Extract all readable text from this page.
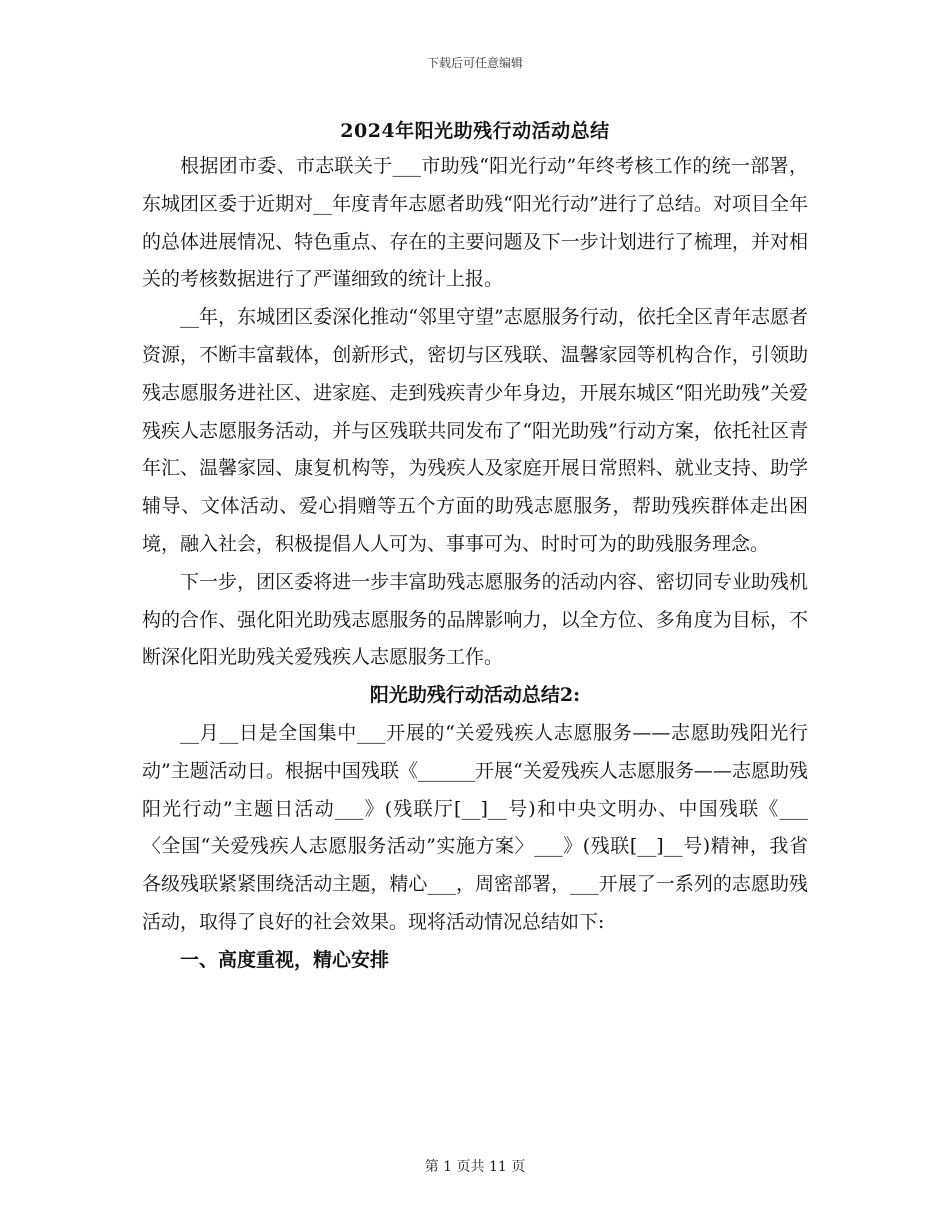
下载后可任意编辑
2024年阳光助残行动活动总结

根据团市委、市志联关于___市助残“阳光行动”年终考核工作的统一部署，东城团区委于近期对__年度青年志愿者助残“阳光行动”进行了总结。对项目全年的总体进展情况、特色重点、存在的主要问题及下一步计划进行了梳理，并对相关的考核数据进行了严谨细致的统计上报。

__年，东城团区委深化推动“邻里守望”志愿服务行动，依托全区青年志愿者资源，不断丰富载体，创新形式，密切与区残联、温馨家园等机构合作，引领助残志愿服务进社区、进家庭、走到残疾青少年身边，开展东城区“阳光助残”关爱残疾人志愿服务活动，并与区残联共同发布了“阳光助残”行动方案，依托社区青年汇、温馨家园、康复机构等，为残疾人及家庭开展日常照料、就业支持、助学辅导、文体活动、爱心捐赠等五个方面的助残志愿服务，帮助残疾群体走出困境，融入社会，积极提倡人人可为、事事可为、时时可为的助残服务理念。

下一步，团区委将进一步丰富助残志愿服务的活动内容、密切同专业助残机构的合作、强化阳光助残志愿服务的品牌影响力，以全方位、多角度为目标，不断深化阳光助残关爱残疾人志愿服务工作。

阳光助残行动活动总结2:

__月__日是全国集中___开展的“关爱残疾人志愿服务——志愿助残阳光行动”主题活动日。根据中国残联《______开展“关爱残疾人志愿服务——志愿助残阳光行动”主题日活动___》(残联厅[__]__号)和中央文明办、中国残联《___〈全国“关爱残疾人志愿服务活动”实施方案〉___》(残联[__]__号)精神，我省各级残联紧紧围绕活动主题，精心___，周密部署，___开展了一系列的志愿助残活动，取得了良好的社会效果。现将活动情况总结如下:

一、高度重视，精心安排

第 1 页共 11 页
